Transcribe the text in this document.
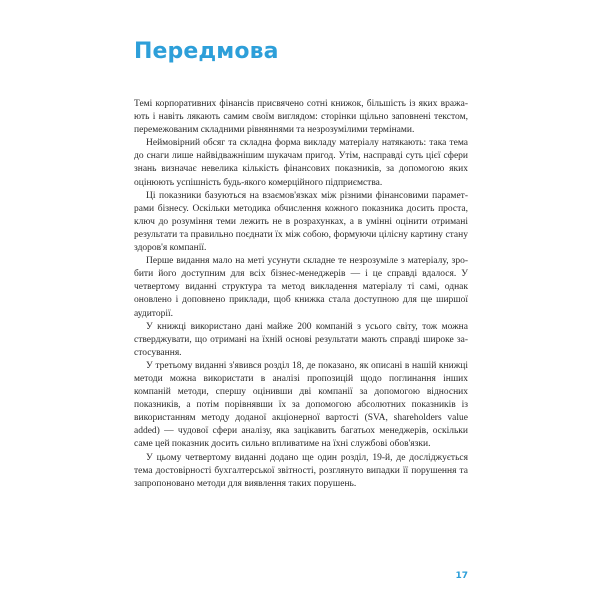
Передмова

Темі корпоративних фінансів присвячено сотні книжок, більшість із яких вражають і навіть лякають самим своїм виглядом: сторінки щільно заповнені текстом, перемежованим складними рівняннями та незрозумілими термінами.

Неймовірний обсяг та складна форма викладу матеріалу натякають: така тема до снаги лише найвідважнішим шукачам пригод. Утім, насправді суть цієї сфери знань визначає невелика кількість фінансових показників, за допомогою яких оцінюють успішність будь-якого комерційного підприємства.

Ці показники базуються на взаємов'язках між різними фінансовими параметрами бізнесу. Оскільки методика обчислення кожного показника досить проста, ключ до розуміння теми лежить не в розрахунках, а в умінні оцінити отримані результати та правильно поєднати їх між собою, формуючи цілісну картину стану здоров'я компанії.

Перше видання мало на меті усунути складне те незрозуміле з матеріалу, зробити його доступним для всіх бізнес-менеджерів — і це справді вдалося. У четвертому виданні структура та метод викладення матеріалу ті самі, однак оновлено і доповнено приклади, щоб книжка стала доступною для ще ширшої аудиторії.

У книжці використано дані майже 200 компаній з усього світу, тож можна стверджувати, що отримані на їхній основі результати мають справді широке застосування.

У третьому виданні з'явився розділ 18, де показано, як описані в нашій книжці методи можна використати в аналізі пропозицій щодо поглинання інших компаній методи, спершу оцінивши дві компанії за допомогою відносних показників, а потім порівнявши їх за допомогою абсолютних показників із використанням методу доданої акціонерної вартості (SVA, shareholders value added) — чудової сфери аналізу, яка зацікавить багатьох менеджерів, оскільки саме цей показник досить сильно впливатиме на їхні службові обов'язки.

У цьому четвертому виданні додано ще один розділ, 19-й, де досліджується тема достовірності бухгалтерської звітності, розглянуто випадки її порушення та запропоновано методи для виявлення таких порушень.

17
